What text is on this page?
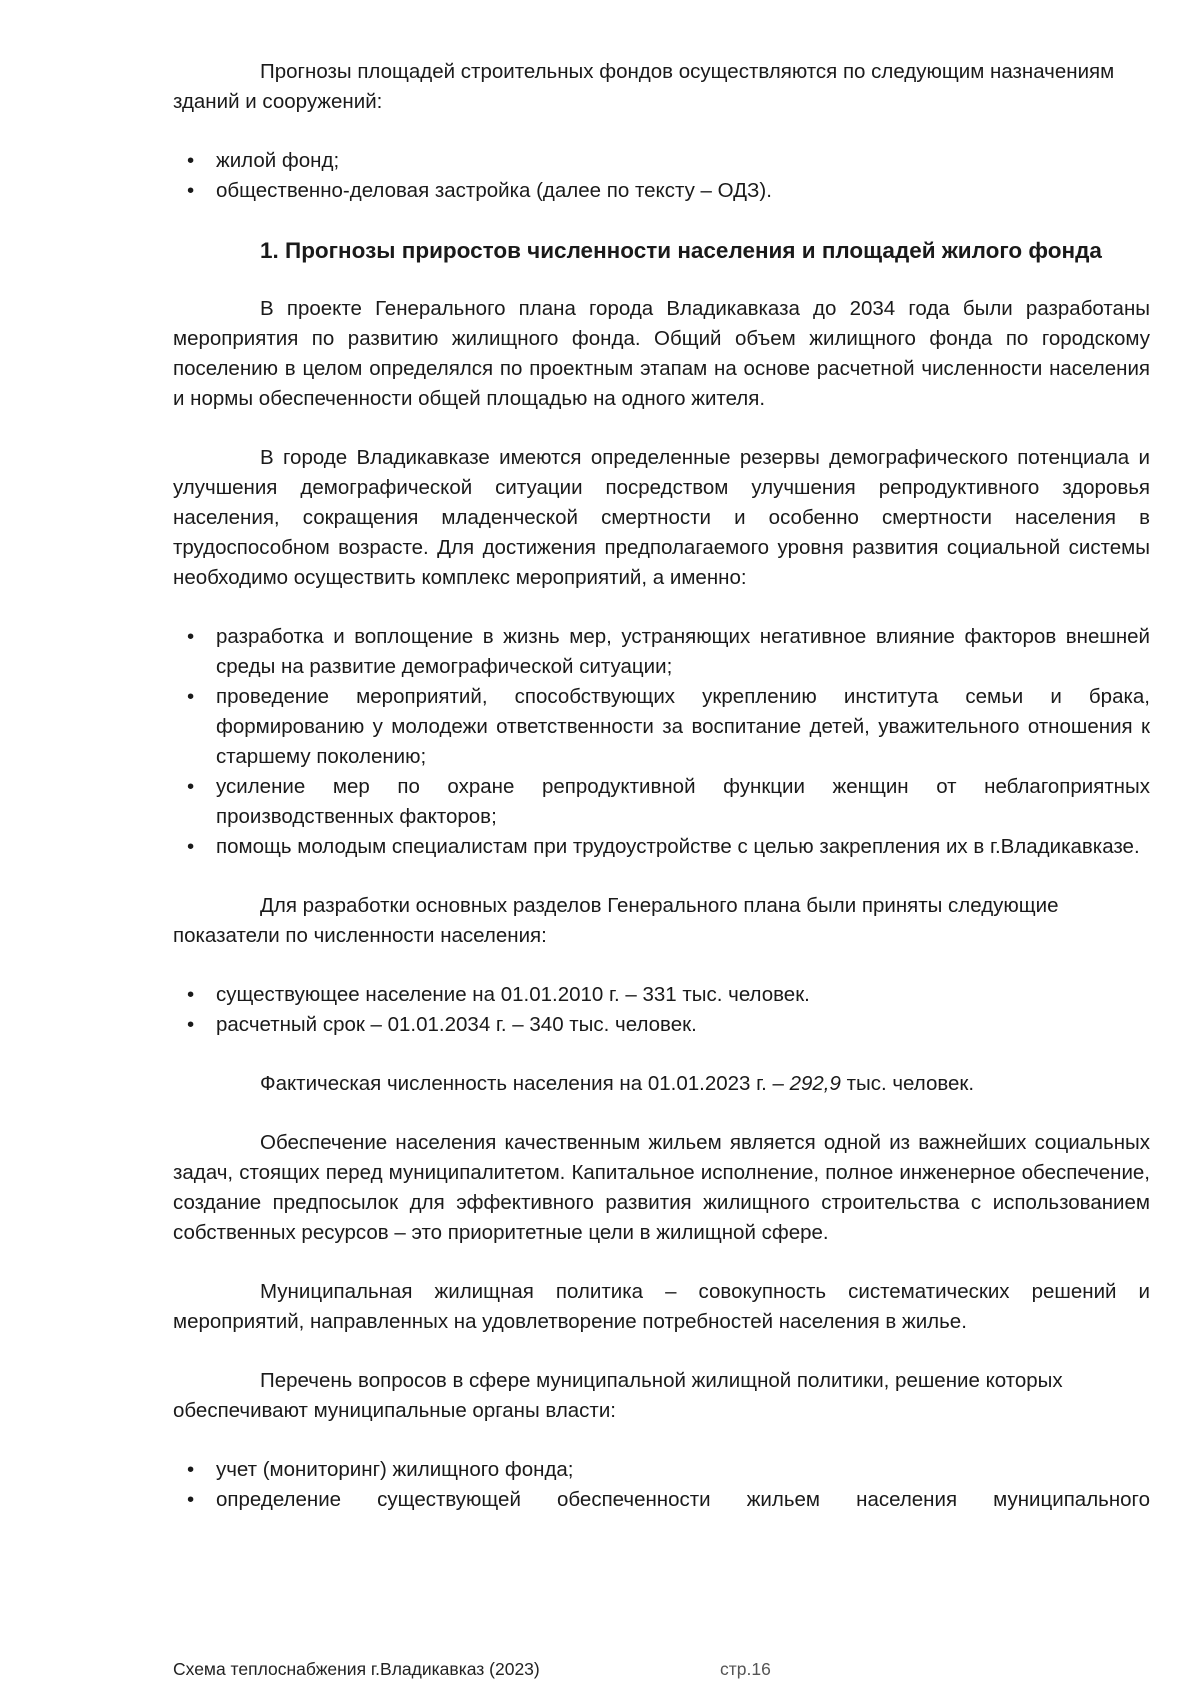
Прогнозы площадей строительных фондов осуществляются по следующим назначениям зданий и сооружений:

• жилой фонд;
• общественно-деловая застройка (далее по тексту – ОДЗ).
1. Прогнозы приростов численности населения и площадей жилого фонда

В проекте Генерального плана города Владикавказа до 2034 года были разработаны мероприятия по развитию жилищного фонда. Общий объем жилищного фонда по городскому поселению в целом определялся по проектным этапам на основе расчетной численности населения и нормы обеспеченности общей площадью на одного жителя.

В городе Владикавказе имеются определенные резервы демографического потенциала и улучшения демографической ситуации посредством улучшения репродуктивного здоровья населения, сокращения младенческой смертности и особенно смертности населения в трудоспособном возрасте. Для достижения предполагаемого уровня развития социальной системы необходимо осуществить комплекс мероприятий, а именно:

• разработка и воплощение в жизнь мер, устраняющих негативное влияние факторов внешней среды на развитие демографической ситуации;
• проведение мероприятий, способствующих укреплению института семьи и брака, формированию у молодежи ответственности за воспитание детей, уважительного отношения к старшему поколению;
• усиление мер по охране репродуктивной функции женщин от неблагоприятных производственных факторов;
• помощь молодым специалистам при трудоустройстве с целью закрепления их в г.Владикавказе.

Для разработки основных разделов Генерального плана были приняты следующие показатели по численности населения:

• существующее население на 01.01.2010 г. – 331 тыс. человек.
• расчетный срок – 01.01.2034 г. – 340 тыс. человек.

Фактическая численность населения на 01.01.2023 г. – 292,9 тыс. человек.

Обеспечение населения качественным жильем является одной из важнейших социальных задач, стоящих перед муниципалитетом. Капитальное исполнение, полное инженерное обеспечение, создание предпосылок для эффективного развития жилищного строительства с использованием собственных ресурсов – это приоритетные цели в жилищной сфере.

Муниципальная жилищная политика – совокупность систематических решений и мероприятий, направленных на удовлетворение потребностей населения в жилье.

Перечень вопросов в сфере муниципальной жилищной политики, решение которых обеспечивают муниципальные органы власти:

• учет (мониторинг) жилищного фонда;
• определение существующей обеспеченности жильем населения муниципального
Схема теплоснабжения г.Владикавказ (2023)	стр.16
